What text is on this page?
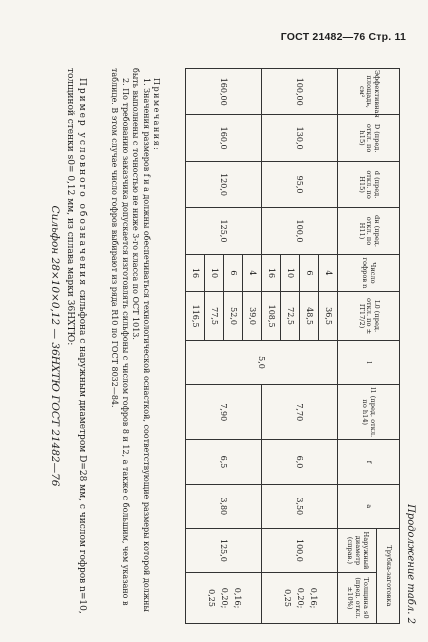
ГОСТ 21482—76 Стр. 11
Продолжение табл. 2
Эффективная площадь, см²	D (пред. откл. по h15)	d (пред. откл. по H15)	dн (пред. откл. по H11)	Число гофров n	L0 (пред. откл. по ± IT17/2)	l	l1 (пред. откл. по h14)	f	a	Трубка-заготовка	
										Наружный диаметр (справ.)	Толщина s0 (пред. откл. ±10%)
100,00	130,0	95,0	100,0	4	36,5	5,0	7,70	6,0	3,50	100,0	0,16;
0,20;
0,25

				6	48,5						
				10	72,5						
				16	108,5						
160,00	160,0	120,0	125,0	4	39,0		7,90	6,5	3,80	125,0	0,16;
0,20;
0,25

				6	52,0						
				10	77,5						
				16	116,5						

Примечания:

1. Значения размеров f и a должны обеспечиваться технологической оснасткой, соответствующие размеры которой должны быть выполнены с точностью не ниже 3-го класса по ОСТ 1013.

2. По требованию заказчика допускается изготовлять сильфоны с числом гофров 8 и 12, а также с большим, чем указано в таблице. В этом случае число гофров выбирают из ряда R10 по ГОСТ 8032—84.

Пример условного обозначения сильфона с наружным диаметром D=28 мм, с числом гофров n=10, толщиной стенки s0= 0,12 мм, из сплава марки 36НХТЮ:

Сильфон 28×10×0,12 — 36НХТЮ ГОСТ 21482—76
